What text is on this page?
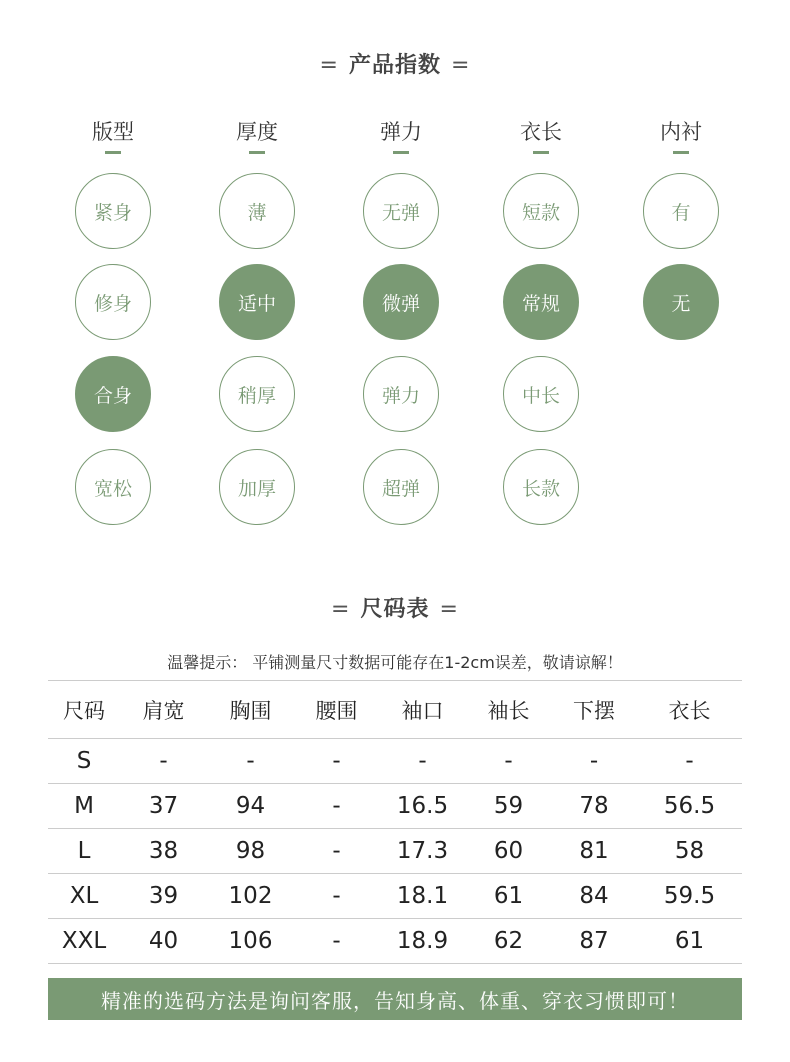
= 产品指数 =
版型
紧身
修身
合身
宽松
厚度
薄
适中
稍厚
加厚
弹力
无弹
微弹
弹力
超弹
衣长
短款
常规
中长
长款
内衬
有
无
= 尺码表 =
温馨提示： 平铺测量尺寸数据可能存在1-2cm误差，敬请谅解！
尺码	肩宽	胸围	腰围	袖口	袖长	下摆	衣长
S	-	-	-	-	-	-	-
M	37	94	-	16.5	59	78	56.5
L	38	98	-	17.3	60	81	58
XL	39	102	-	18.1	61	84	59.5
XXL	40	106	-	18.9	62	87	61
精准的选码方法是询问客服，告知身高、体重、穿衣习惯即可！
